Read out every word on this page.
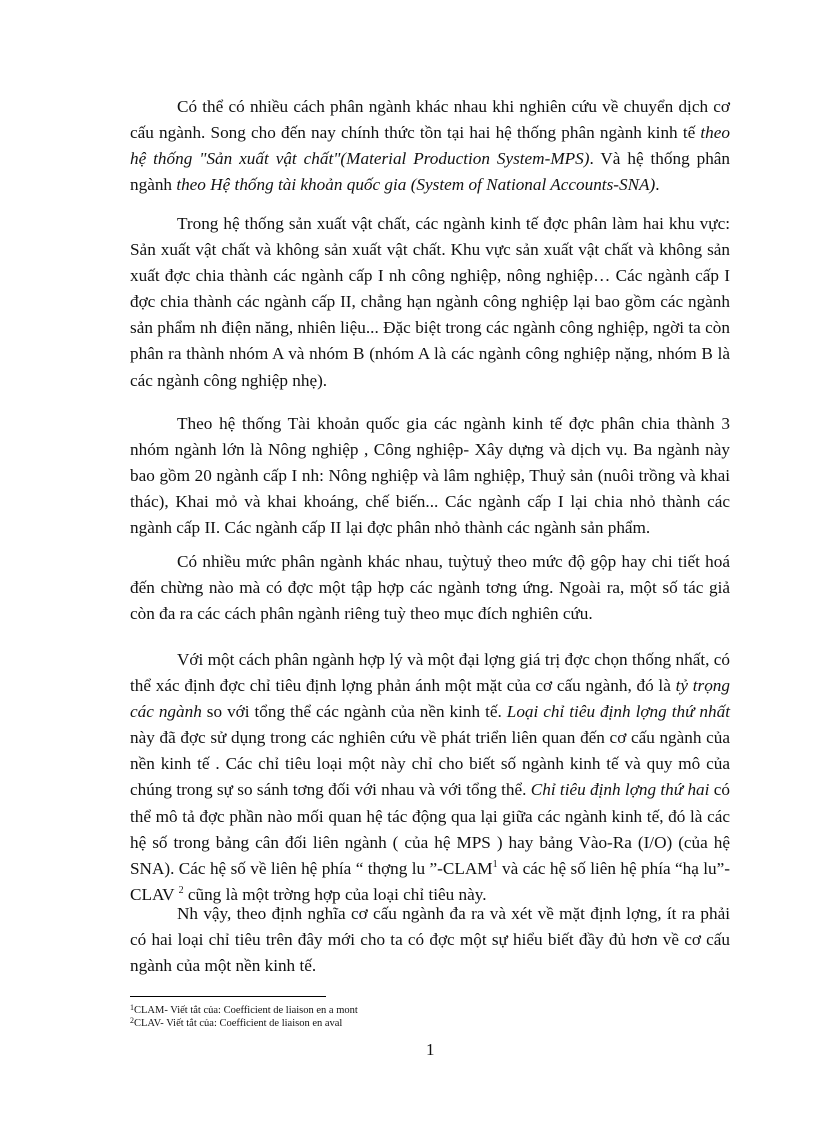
Có thể có nhiều cách phân ngành khác nhau khi nghiên cứu về chuyển dịch cơ cấu ngành. Song cho đến nay chính thức tồn tại hai hệ thống phân ngành kinh tế theo hệ thống "Sản xuất vật chất"(Material Production System-MPS). Và hệ thống phân ngành theo Hệ thống tài khoản quốc gia (System of National Accounts-SNA).

Trong hệ thống sản xuất vật chất, các ngành kinh tế đợc phân làm hai khu vực: Sản xuất vật chất và không sản xuất vật chất. Khu vực sản xuất vật chất và không sản xuất đợc chia thành các ngành cấp I nh công nghiệp, nông nghiệp… Các ngành cấp I đợc chia thành các ngành cấp II, chẳng hạn ngành công nghiệp lại bao gồm các ngành sản phẩm nh điện năng, nhiên liệu... Đặc biệt trong các ngành công nghiệp, ngời ta còn phân ra thành nhóm A và nhóm B (nhóm A là các ngành công nghiệp nặng, nhóm B là các ngành công nghiệp nhẹ).

Theo hệ thống Tài khoản quốc gia các ngành kinh tế đợc phân chia thành 3 nhóm ngành lớn là Nông nghiệp , Công nghiệp- Xây dựng và dịch vụ. Ba ngành này bao gồm 20 ngành cấp I nh: Nông nghiệp và lâm nghiệp, Thuỷ sản (nuôi trồng và khai thác), Khai mỏ và khai khoáng, chế biến... Các ngành cấp I lại chia nhỏ thành các ngành cấp II. Các ngành cấp II lại đợc phân nhỏ thành các ngành sản phẩm.

Có nhiều mức phân ngành khác nhau, tuỳtuỷ theo mức độ gộp hay chi tiết hoá đến chừng nào mà có đợc một tập hợp các ngành tơng ứng. Ngoài ra, một số tác giả còn đa ra các cách phân ngành riêng tuỳ theo mục đích nghiên cứu.

Với một cách phân ngành hợp lý và một đại lợng giá trị đợc chọn thống nhất, có thể xác định đợc chỉ tiêu định lợng phản ánh một mặt của cơ cấu ngành, đó là tỷ trọng các ngành so với tổng thể các ngành của nền kinh tế. Loại chỉ tiêu định lợng thứ nhất này đã đợc sử dụng trong các nghiên cứu về phát triển liên quan đến cơ cấu ngành của nền kinh tế . Các chỉ tiêu loại một này chỉ cho biết số ngành kinh tế và quy mô của chúng trong sự so sánh tơng đối với nhau và với tổng thể. Chỉ tiêu định lợng thứ hai có thể mô tả đợc phần nào mối quan hệ tác động qua lại giữa các ngành kinh tế, đó là các hệ số trong bảng cân đối liên ngành ( của hệ MPS ) hay bảng Vào-Ra (I/O) (của hệ SNA). Các hệ số về liên hệ phía “ thợng lu ”-CLAM$^1$ và các hệ số liên hệ phía “hạ lu”-CLAV $^2$ cũng là một trờng hợp của loại chỉ tiêu này.

Nh vậy, theo định nghĩa cơ cấu ngành đa ra và xét về mặt định lợng, ít ra phải có hai loại chỉ tiêu trên đây mới cho ta có đợc một sự hiểu biết đầy đủ hơn về cơ cấu ngành của một nền kinh tế.

$^1$CLAM- Viết tắt của: Coefficient de liaison en a mont

$^2$CLAV- Viết tắt của: Coefficient de liaison en aval

1
